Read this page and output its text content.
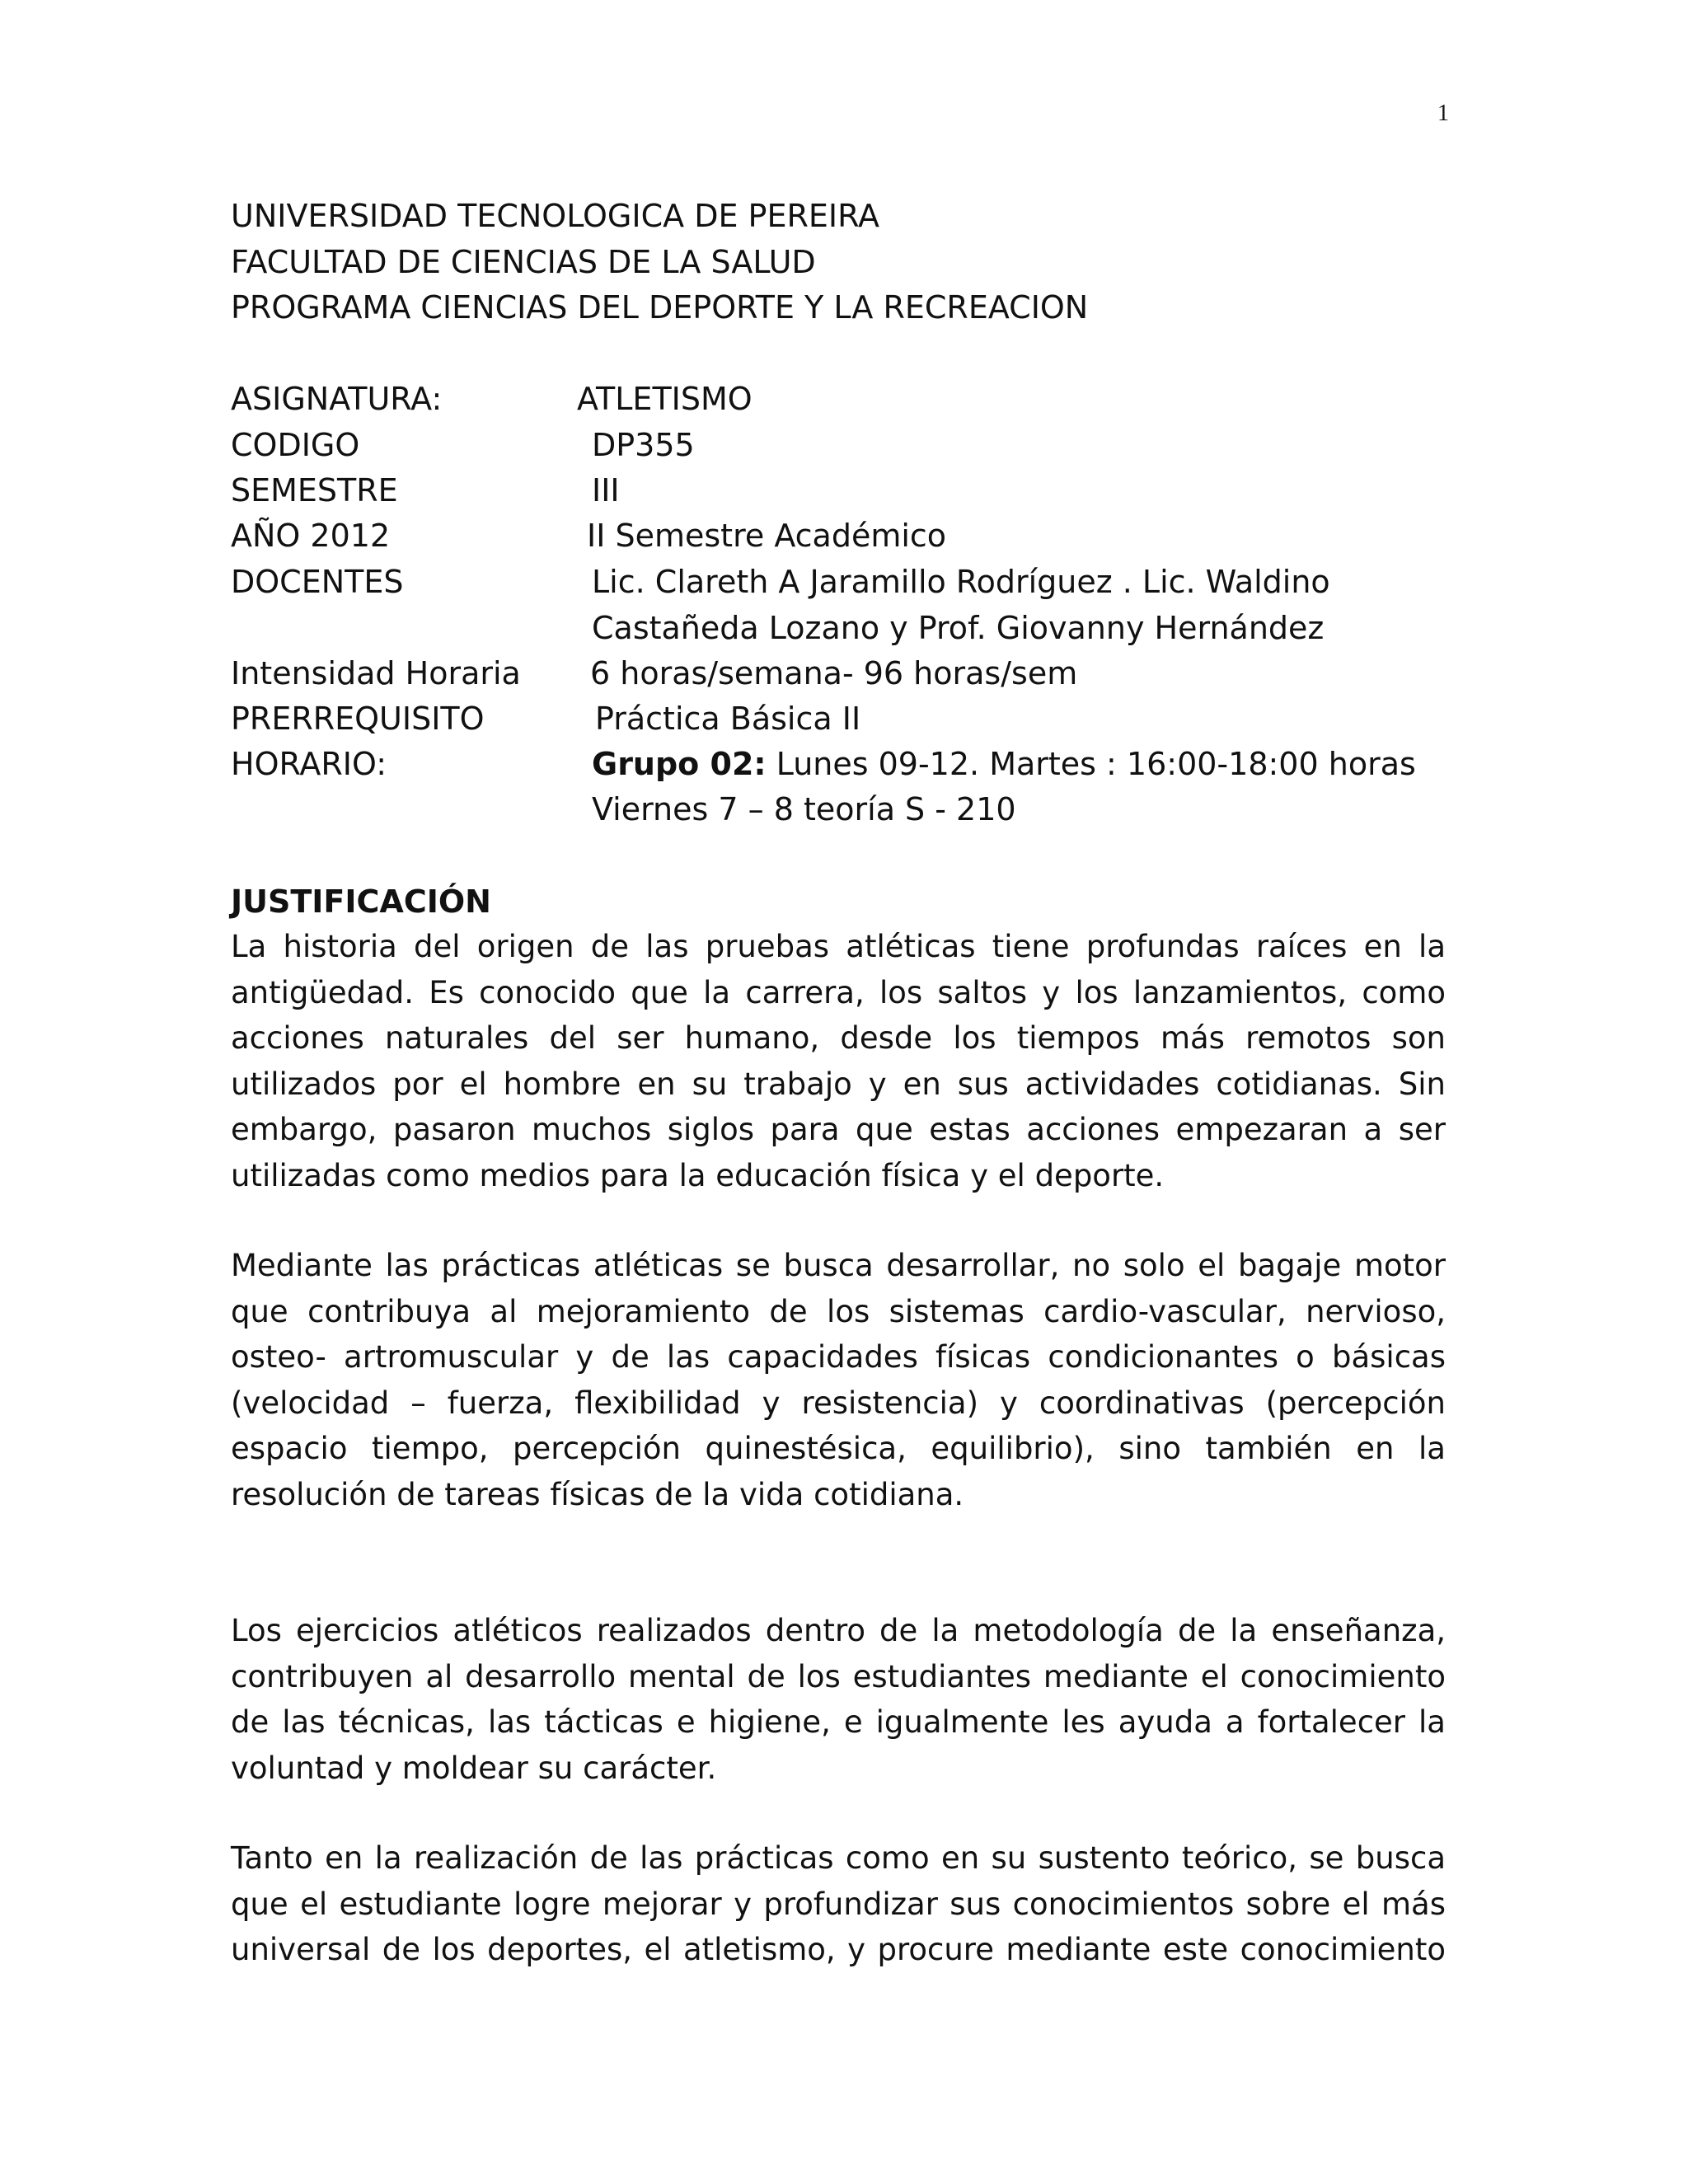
1
UNIVERSIDAD TECNOLOGICA DE PEREIRA
FACULTAD DE CIENCIAS DE LA SALUD
PROGRAMA CIENCIAS DEL DEPORTE Y LA RECREACION
ASIGNATURA:	ATLETISMO
CODIGO	DP355
SEMESTRE	III
AÑO 2012	II Semestre Académico
DOCENTES	Lic. Clareth A Jaramillo Rodríguez . Lic. Waldino
Castañeda Lozano y Prof. Giovanny Hernández
Intensidad Horaria 6 horas/semana- 96 horas/sem
PRERREQUISITO	Práctica Básica II
HORARIO:	Grupo 02: Lunes 09-12. Martes : 16:00-18:00 horas
Viernes 7 – 8 teoría S - 210
JUSTIFICACIÓN
La historia del origen de las pruebas atléticas tiene profundas raíces en la antigüedad. Es conocido que la carrera, los saltos y los lanzamientos, como acciones naturales del ser humano, desde los tiempos más remotos son utilizados por el hombre en su trabajo y en sus actividades cotidianas. Sin embargo, pasaron muchos siglos para que estas acciones empezaran a ser utilizadas como medios para la educación física y el deporte.
Mediante las prácticas atléticas se busca desarrollar, no solo el bagaje motor que contribuya al mejoramiento de los sistemas cardio-vascular, nervioso, osteo- artromuscular y de las capacidades físicas condicionantes o básicas (velocidad – fuerza, flexibilidad y resistencia) y coordinativas (percepción espacio tiempo, percepción quinestésica, equilibrio), sino también en la resolución de tareas físicas de la vida cotidiana.
Los ejercicios atléticos realizados dentro de la metodología de la enseñanza, contribuyen al desarrollo mental de los estudiantes mediante el conocimiento de las técnicas, las tácticas e higiene, e igualmente les ayuda a fortalecer la voluntad y moldear su carácter.
Tanto en la realización de las prácticas como en su sustento teórico, se busca que el estudiante logre mejorar y profundizar sus conocimientos sobre el más universal de los deportes, el atletismo, y procure mediante este conocimiento
